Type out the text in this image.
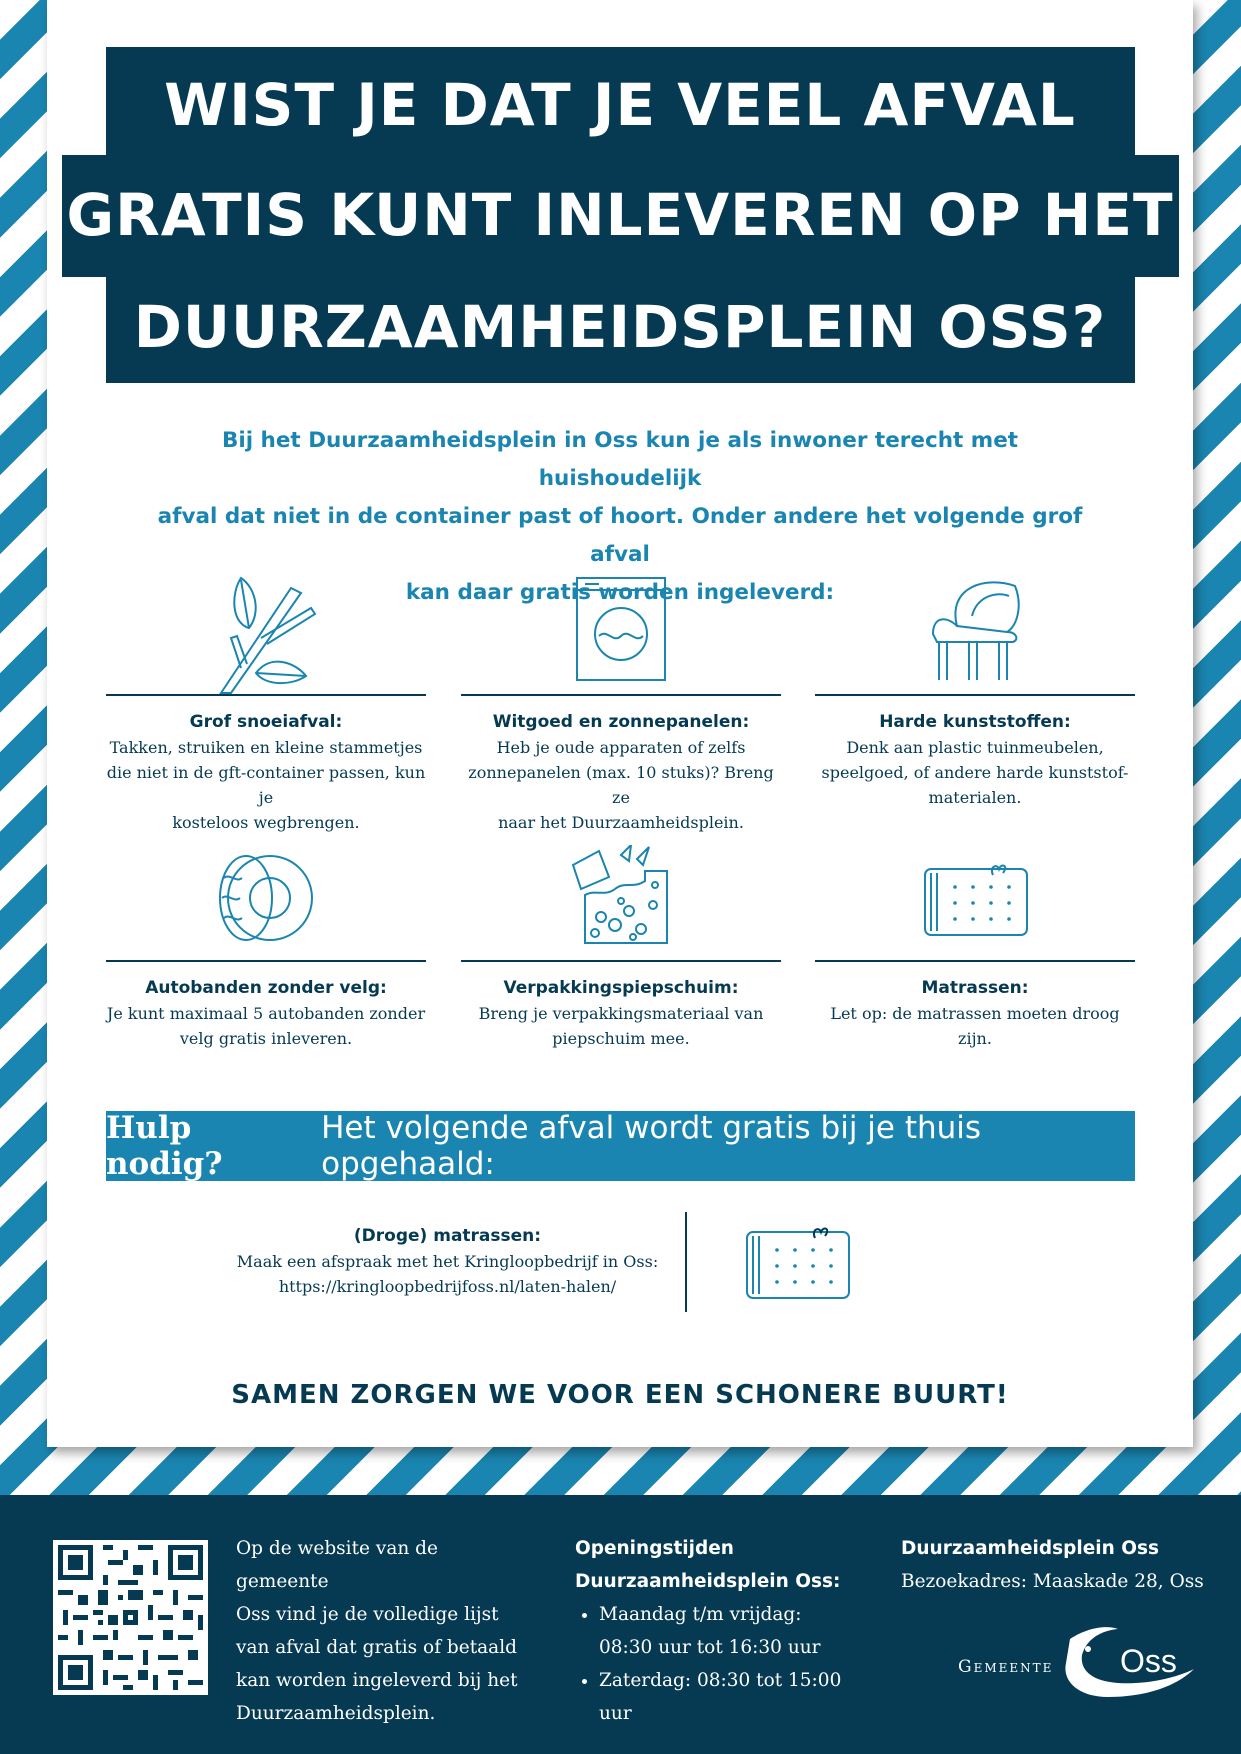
WIST JE DAT JE VEEL AFVAL
GRATIS KUNT INLEVEREN OP HET
DUURZAAMHEIDSPLEIN OSS?
Bij het Duurzaamheidsplein in Oss kun je als inwoner terecht met huishoudelijk
afval dat niet in de container past of hoort. Onder andere het volgende grof afval
kan daar gratis worden ingeleverd:
Grof snoeiafval:
Takken, struiken en kleine stammetjes
die niet in de gft-container passen, kun je
kosteloos wegbrengen.
Witgoed en zonnepanelen:
Heb je oude apparaten of zelfs
zonnepanelen (max. 10 stuks)? Breng ze
naar het Duurzaamheidsplein.
Harde kunststoffen:
Denk aan plastic tuinmeubelen,
speelgoed, of andere harde kunststof-
materialen.
Autobanden zonder velg:
Je kunt maximaal 5 autobanden zonder
velg gratis inleveren.
Verpakkingspiepschuim:
Breng je verpakkingsmateriaal van
piepschuim mee.
Matrassen:
Let op: de matrassen moeten droog zijn.
Hulp nodig?
Het volgende afval wordt gratis bij je thuis opgehaald:
(Droge) matrassen:
Maak een afspraak met het Kringloopbedrijf in Oss:
https://kringloopbedrijfoss.nl/laten-halen/
SAMEN ZORGEN WE VOOR EEN SCHONERE BUURT!
Op de website van de gemeente
Oss vind je de volledige lijst
van afval dat gratis of betaald
kan worden ingeleverd bij het
Duurzaamheidsplein.
Openingstijden
Duurzaamheidsplein Oss:
• Maandag t/m vrijdag:
08:30 uur tot 16:30 uur
• Zaterdag: 08:30 tot 15:00 uur
Duurzaamheidsplein Oss
Bezoekadres: Maaskade 28, Oss
Gemeente Oss
